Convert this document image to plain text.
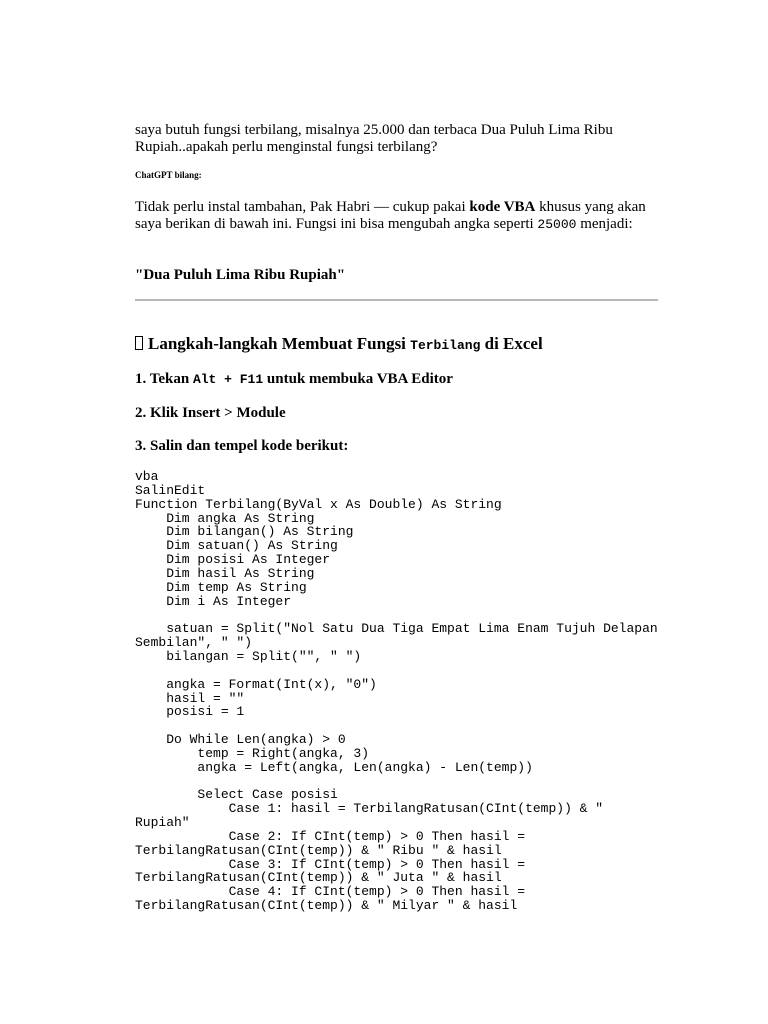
saya butuh fungsi terbilang, misalnya 25.000 dan terbaca Dua Puluh Lima Ribu Rupiah..apakah perlu menginstal fungsi terbilang?

ChatGPT bilang:

Tidak perlu instal tambahan, Pak Habri — cukup pakai kode VBA khusus yang akan saya berikan di bawah ini. Fungsi ini bisa mengubah angka seperti 25000 menjadi:

"Dua Puluh Lima Ribu Rupiah"

Langkah-langkah Membuat Fungsi Terbilang di Excel

1. Tekan Alt + F11 untuk membuka VBA Editor

2. Klik Insert > Module

3. Salin dan tempel kode berikut:

vba
SalinEdit
Function Terbilang(ByVal x As Double) As String
Dim angka As String
Dim bilangan() As String
Dim satuan() As String
Dim posisi As Integer
Dim hasil As String
Dim temp As String
Dim i As Integer

satuan = Split("Nol Satu Dua Tiga Empat Lima Enam Tujuh Delapan
Sembilan", " ")
bilangan = Split("", " ")

angka = Format(Int(x), "0")
hasil = ""
posisi = 1

Do While Len(angka) > 0
temp = Right(angka, 3)
angka = Left(angka, Len(angka) - Len(temp))

Select Case posisi
Case 1: hasil = TerbilangRatusan(CInt(temp)) & "
Rupiah"
Case 2: If CInt(temp) > 0 Then hasil =
TerbilangRatusan(CInt(temp)) & " Ribu " & hasil
Case 3: If CInt(temp) > 0 Then hasil =
TerbilangRatusan(CInt(temp)) & " Juta " & hasil
Case 4: If CInt(temp) > 0 Then hasil =
TerbilangRatusan(CInt(temp)) & " Milyar " & hasil
